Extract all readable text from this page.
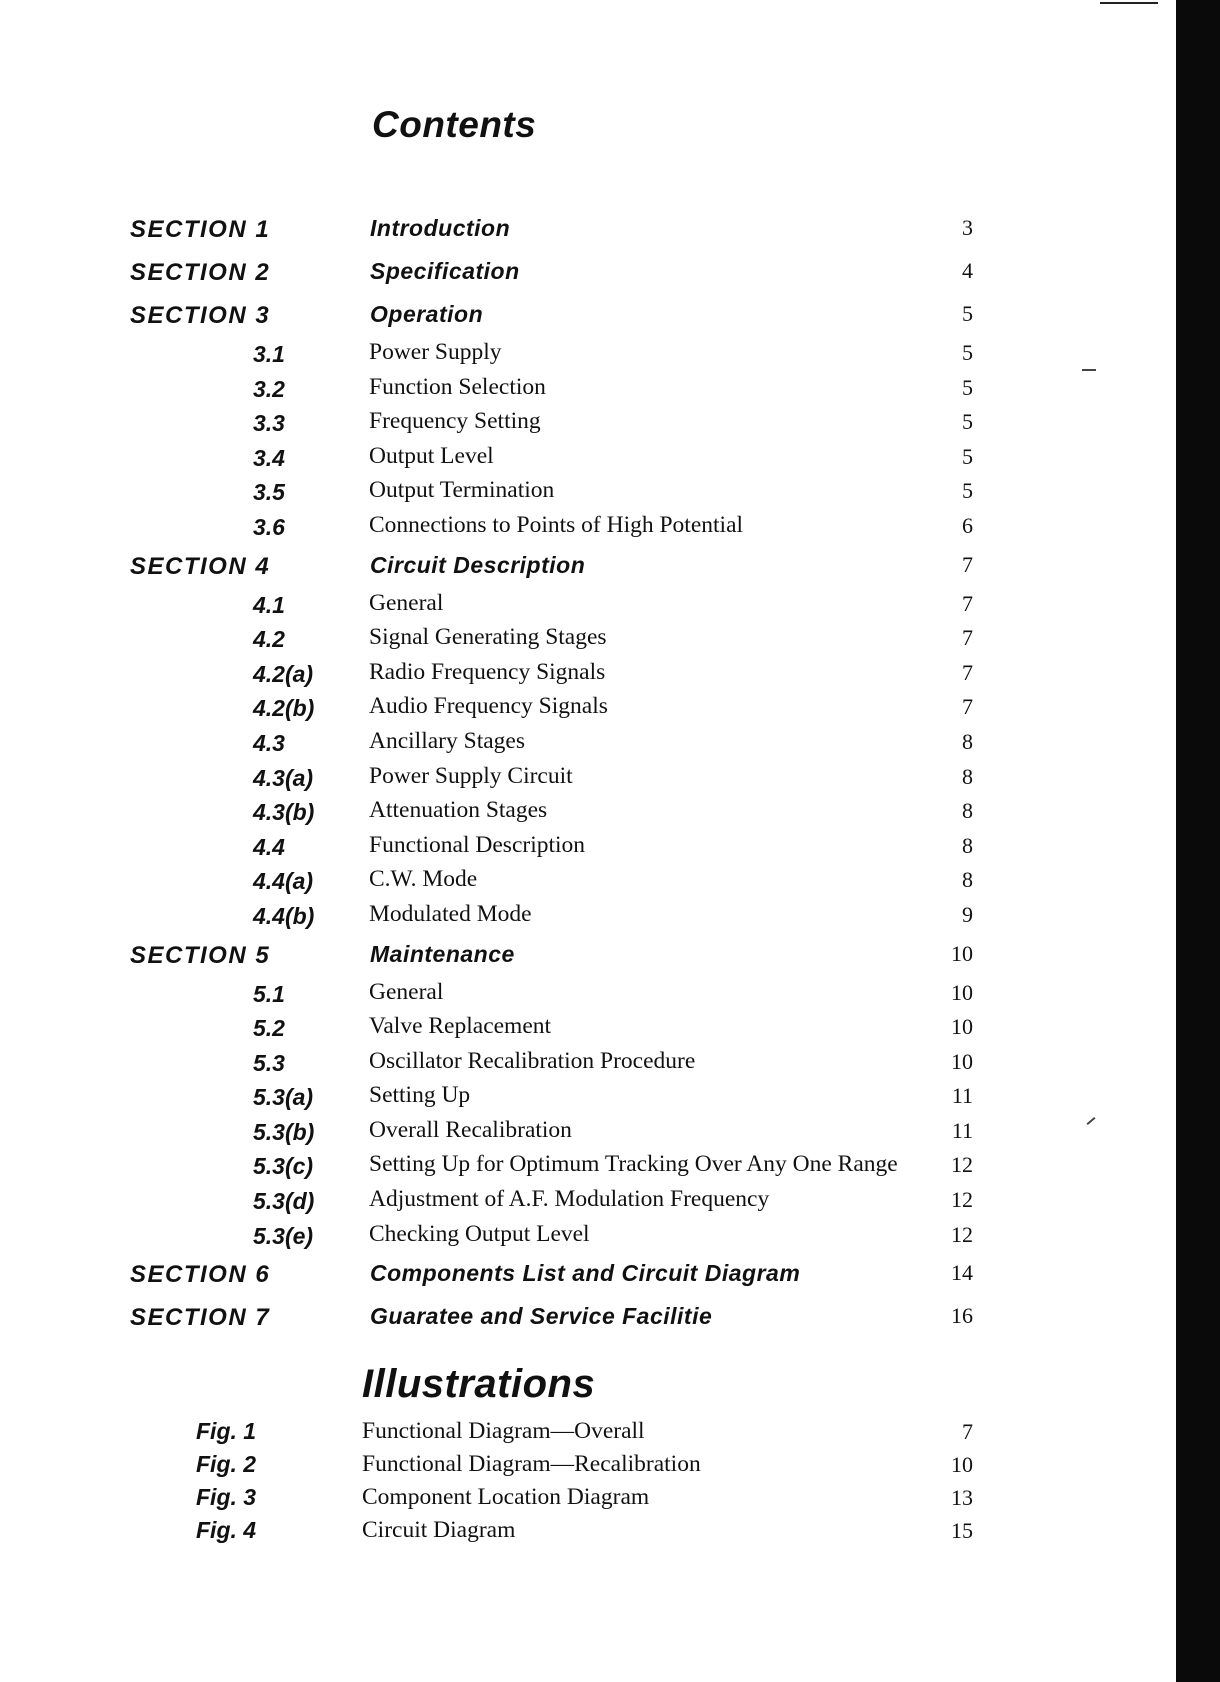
Contents
SECTION 1	Introduction	3
SECTION 2	Specification	4
SECTION 3	Operation	5
3.1	Power Supply	5
3.2	Function Selection	5
3.3	Frequency Setting	5
3.4	Output Level	5
3.5	Output Termination	5
3.6	Connections to Points of High Potential	6
SECTION 4	Circuit Description	7
4.1	General	7
4.2	Signal Generating Stages	7
4.2(a) Radio Frequency Signals	7
4.2(b) Audio Frequency Signals	7
4.3	Ancillary Stages	8
4.3(a) Power Supply Circuit	8
4.3(b) Attenuation Stages	8
4.4	Functional Description	8
4.4(a) C.W. Mode	8
4.4(b) Modulated Mode	9
SECTION 5	Maintenance	10
5.1	General	10
5.2	Valve Replacement	10
5.3	Oscillator Recalibration Procedure	10
5.3(a) Setting Up	11
5.3(b) Overall Recalibration	11
5.3(c) Setting Up for Optimum Tracking Over Any One Range 12
5.3(d) Adjustment of A.F. Modulation Frequency	12
5.3(e) Checking Output Level	12
SECTION 6	Components List and Circuit Diagram	14
SECTION 7	Guaratee and Service Facilitie	16
Illustrations
Fig. 1	Functional Diagram—Overall	7
Fig. 2	Functional Diagram—Recalibration	10
Fig. 3	Component Location Diagram	13
Fig. 4	Circuit Diagram	15
